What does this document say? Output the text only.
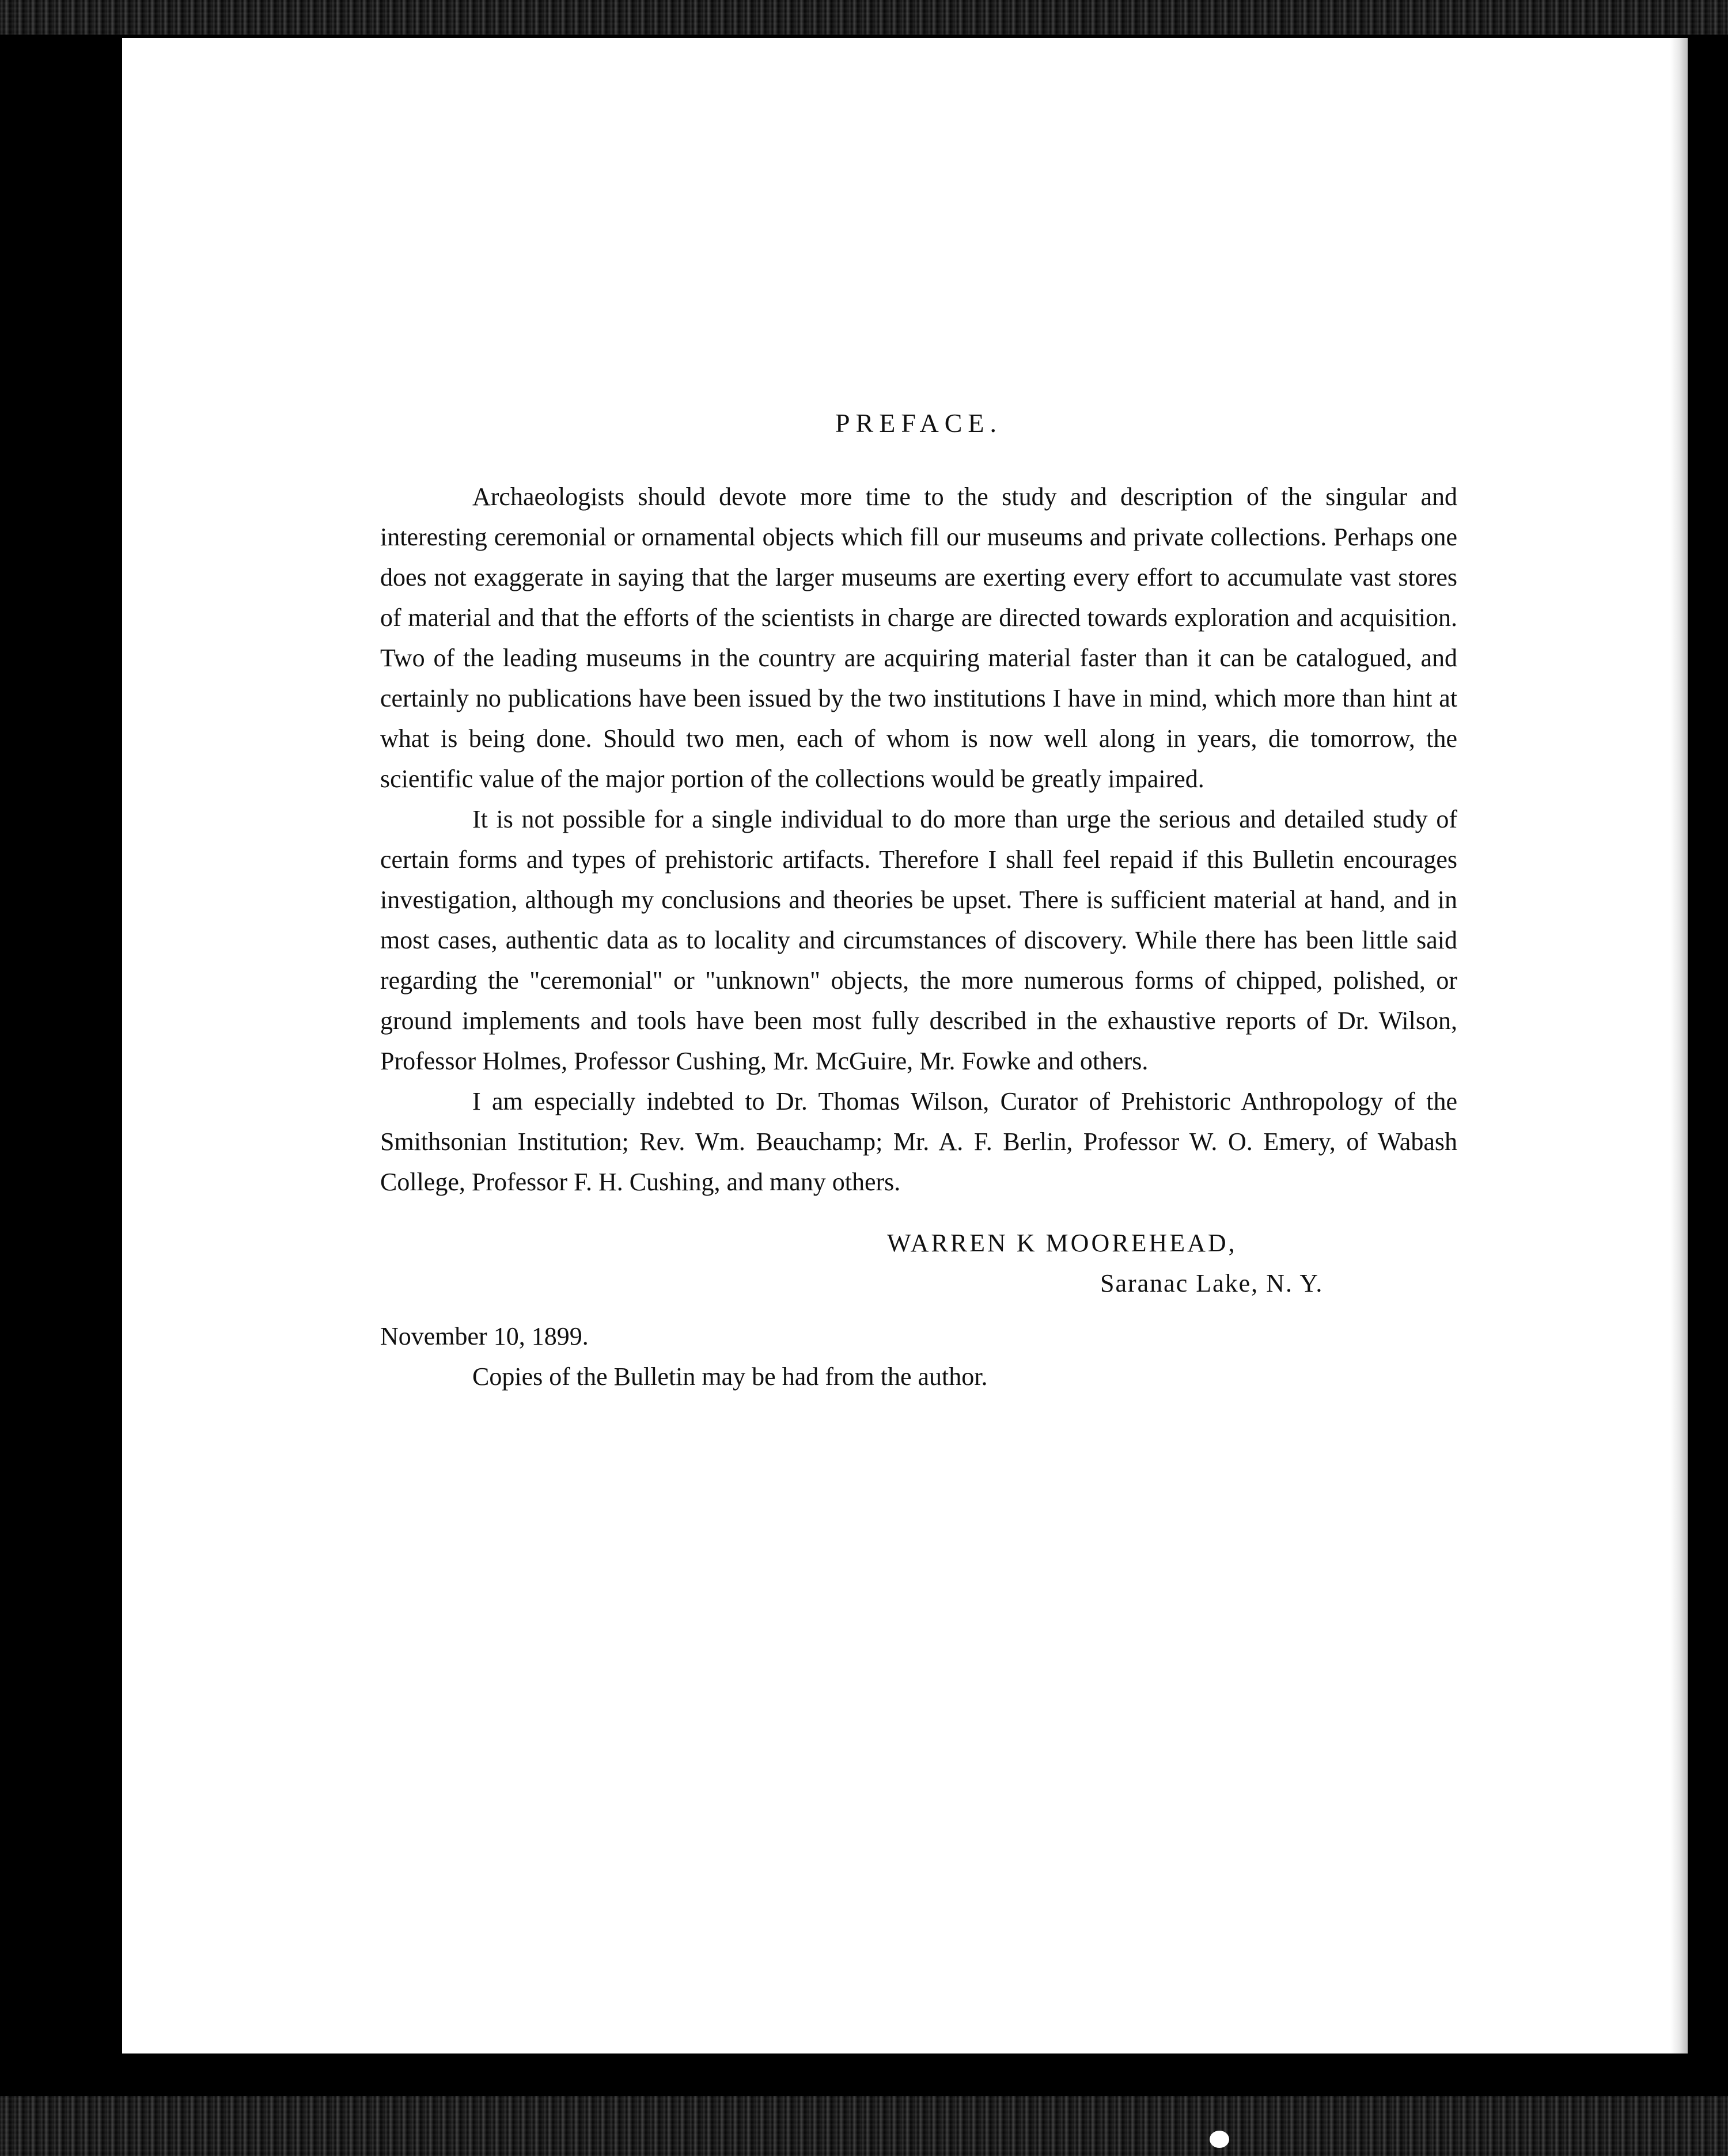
PREFACE.

Archaeologists should devote more time to the study and description of the singular and interesting ceremonial or ornamental objects which fill our museums and private collections. Perhaps one does not exaggerate in saying that the larger museums are exerting every effort to accumulate vast stores of material and that the efforts of the scientists in charge are directed towards exploration and acquisition. Two of the leading museums in the country are acquiring material faster than it can be catalogued, and certainly no publications have been issued by the two institutions I have in mind, which more than hint at what is being done. Should two men, each of whom is now well along in years, die tomorrow, the scientific value of the major portion of the collections would be greatly impaired.

It is not possible for a single individual to do more than urge the serious and detailed study of certain forms and types of prehistoric artifacts. Therefore I shall feel repaid if this Bulletin encourages investigation, although my conclusions and theories be upset. There is sufficient material at hand, and in most cases, authentic data as to locality and circumstances of discovery. While there has been little said regarding the "ceremonial" or "unknown" objects, the more numerous forms of chipped, polished, or ground implements and tools have been most fully described in the exhaustive reports of Dr. Wilson, Professor Holmes, Professor Cushing, Mr. McGuire, Mr. Fowke and others.

I am especially indebted to Dr. Thomas Wilson, Curator of Prehistoric Anthropology of the Smithsonian Institution; Rev. Wm. Beauchamp; Mr. A. F. Berlin, Professor W. O. Emery, of Wabash College, Professor F. H. Cushing, and many others.

WARREN K MOOREHEAD,
Saranac Lake, N. Y.
November 10, 1899.
Copies of the Bulletin may be had from the author.
